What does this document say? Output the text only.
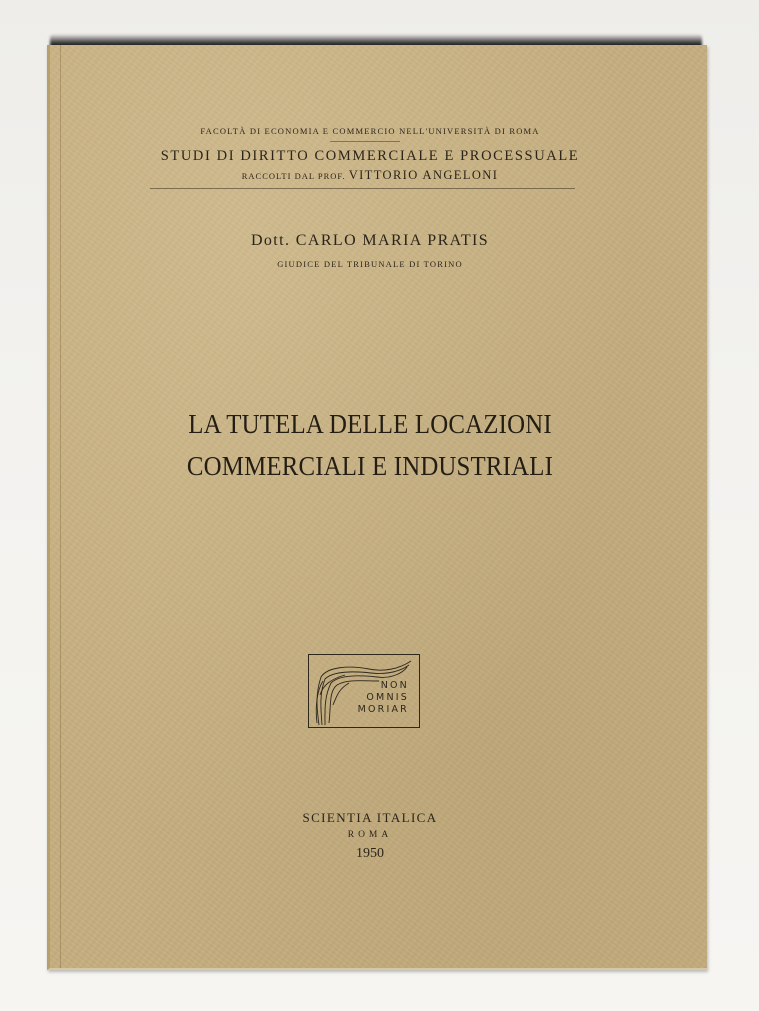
FACOLTÀ DI ECONOMIA E COMMERCIO NELL'UNIVERSITÀ DI ROMA
STUDI DI DIRITTO COMMERCIALE E PROCESSUALE
RACCOLTI DAL PROF. VITTORIO ANGELONI
Dott. CARLO MARIA PRATIS
GIUDICE DEL TRIBUNALE DI TORINO
LA TUTELA DELLE LOCAZIONI
COMMERCIALI E INDUSTRIALI
NON
OMNIS
MORIAR
SCIENTIA ITALICA
ROMA
1950
